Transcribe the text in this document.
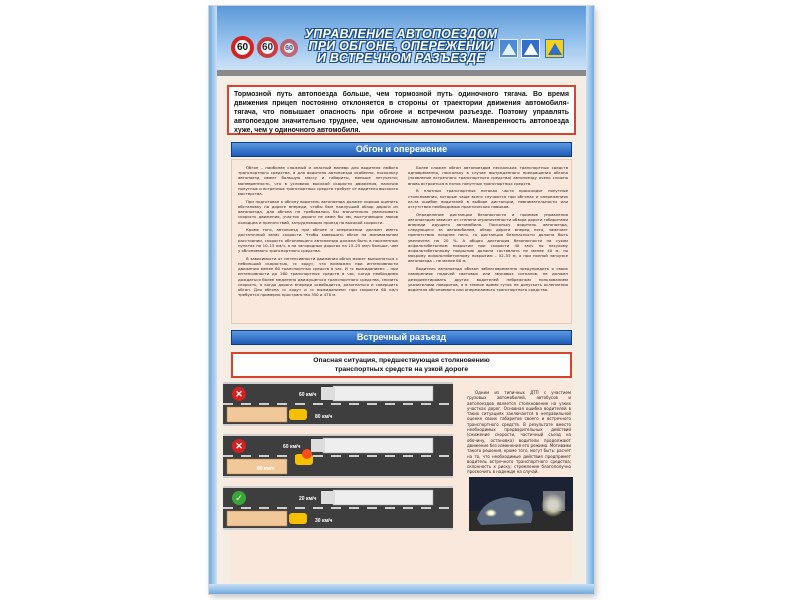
60 60 60
УПРАВЛЕНИЕ АВТОПОЕЗДОМ
ПРИ ОБГОНЕ, ОПЕРЕЖЕНИИ
И ВСТРЕЧНОМ РАЗЪЕЗДЕ
Тормозной путь автопоезда больше, чем тормозной путь одиночного тягача. Во время движения прицеп постоянно отклоняется в стороны от траектории движения автомобиля-тягача, что повышает опасность при обгоне и встречном разъезде. Поэтому управлять автопоездом значительно труднее, чем одиночным автомобилем. Маневренность автопоезда хуже, чем у одиночного автомобиля.
Обгон и опережение

Обгон – наиболее сложный и опасный маневр для водителя любого транспортного средства, а для водителя автопоезда особенно, поскольку автопоезд имеет большую массу и габариты, меньше летучести; маневренность, что в условиях высокой скорости движения, наличия попутных и встречных транспортных средств требует от водителя высокого мастерства.

При подготовке к обгону водитель автопоезда должен хорошо оценить обстановку на дороге впереди, чтобы был наилучший обзор дороги из автопоезда, для обгона не требовалось бы значительно увеличивать скорость движения, участок дороги не имел бы ям, выступающих люков колодцев и препятствий, затрудняющих проезд на высокой скорости.

Кроме того, автопоезд при обгоне и опережении должен иметь достаточный запас скорости. Чтобы завершить обгон на минимальном расстоянии, скорость обгоняющего автопоезда должна быть в населенных пунктах на 10–15 км/ч, а на загородных дорогах на 15–25 км/ч больше, чем у обгоняемого транспортного средства.

В зависимости от интенсивности движения обгон может выполняться с небольшой скоростью, «с ходу», что возможно при интенсивности движения менее 60 транспортных средств в час. И «с выжиданием» – при интенсивности до 160 транспортных средств в час, когда необходимо дождаться более медленно движущегося транспортного средства, снизить скорость, а когда дорога впереди освободится, разогнаться и совершить обгон. Для обгона «с ходу» и «с выжиданием» при скорости 60 км/ч требуется примерно пространство 350 и 470 м.

Более сложен обгон автопоездом нескольких транспортных средств одновременно, поскольку в случае вынужденного прекращения обгона (появление встречного транспортного средства) автопоезду очень сложно вновь встроиться в поток попутных транспортных средств.

В плотных транспортных потоках часто происходят попутные столкновения, которые чаще всего случаются при обгонах и опережениях из-за ошибок водителей в выборе дистанции, невнимательности или отсутствия необходимых практических навыков.

Определение дистанции безопасности и приемов управления автопоездом зависит от степени ограниченности обзора дороги габаритами впереди идущего автомобиля. Поскольку водитель автопоезда, следующего за автомобилем, обзор дороги вперед него, замечает препятствия позднее него, то дистанция безопасности должна быть увеличена на 20 %. А общая дистанция безопасности на сухом асфальтобетонном покрытии при скорости 40 км/ч по несухому асфальтобетонному покрытию должна составлять не менее 40 м, по мокрому асфальтобетонному покрытию – 52–55 м, а при полной загрузке автопоезда – не менее 60 м.

Водитель автопоезда обязан заблаговременно предупредить о своих намерениях подачей световых или звуковых сигналов, не должен дезориентировать других водителей небрежным пользованием указателями поворотов, а в темное время суток не допускать ослепления водителя обгоняемого или опережаемого транспортного средства.

Встречный разъезд
Опасная ситуация, предшествующая столкновению
транспортных средств на узкой дороге
✕	60 км/ч
80 км/ч
✕	60 км/ч
80 км/ч
✓	20 км/ч
30 км/ч

Одним из типичных ДТП с участием грузовых автомобилей, автобусов и автопоездов является столкновение на узких участках дорог. Основная ошибка водителей в таких ситуациях заключается в неправильной оценке своих габаритов своего и встречного транспортного средств. В результате вместо необходимых предварительных действий (снижение скорости, частичный съезд на обочину, остановка) водители продолжают движение без изменения его режима. Мотивами такого решения, кроме того, могут быть: расчет на то, что необходимые действия предпримет водитель встречного транспортного средства; склонность к риску; стремление благополучно проскочить в надежде на случай.
